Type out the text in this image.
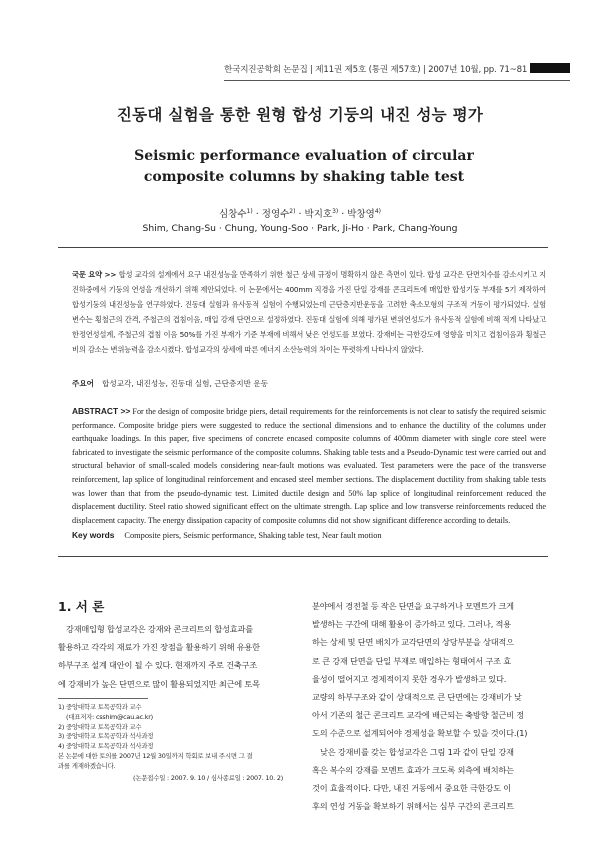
한국지진공학회 논문집 | 제11권 제5호 (통권 제57호) | 2007년 10월, pp. 71~81
진동대 실험을 통한 원형 합성 기둥의 내진 성능 평가
Seismic performance evaluation of circular composite columns by shaking table test
심창수$^{1)}$ · 정영수$^{2)}$ · 박지호$^{3)}$ · 박창영$^{4)}$
Shim, Chang-Su · Chung, Young-Soo · Park, Ji-Ho · Park, Chang-Young
국문 요약 >> 합성 교각의 설계에서 요구 내진성능을 만족하기 위한 철근 상세 규정이 명확하지 않은 측면이 있다. 합성 교각은 단면치수를 감소시키고 지진하중에서 기둥의 연성을 개선하기 위해 제안되었다. 이 논문에서는 400mm 직경을 가진 단일 강재를 콘크리트에 매입한 합성기둥 부재를 5기 제작하여 합성기둥의 내진성능을 연구하였다. 진동대 실험과 유사동적 실험이 수행되었는데 근단층지반운동을 고려한 축소모형의 구조적 거동이 평가되었다. 실험 변수는 횡철근의 간격, 주철근의 겹침이음, 매입 강재 단면으로 설정하였다. 진동대 실험에 의해 평가된 변위연성도가 유사동적 실험에 비해 적게 나타났고 한정연성설계, 주철근의 겹침 이음 50%를 가진 부재가 기준 부재에 비해서 낮은 연성도를 보였다. 강재비는 극한강도에 영향을 미치고 겹침이음과 횡철근 비의 감소는 변위능력을 감소시켰다. 합성교각의 상세에 따른 에너지 소산능력의 차이는 뚜렷하게 나타나지 않았다.
주요어 합성교각, 내진성능, 진동대 실험, 근단층지반 운동
ABSTRACT >> For the design of composite bridge piers, detail requirements for the reinforcements is not clear to satisfy the required seismic performance. Composite bridge piers were suggested to reduce the sectional dimensions and to enhance the ductility of the columns under earthquake loadings. In this paper, five specimens of concrete encased composite columns of 400mm diameter with single core steel were fabricated to investigate the seismic performance of the composite columns. Shaking table tests and a Pseudo-Dynamic test were carried out and structural behavior of small-scaled models considering near-fault motions was evaluated. Test parameters were the pace of the transverse reinforcement, lap splice of longitudinal reinforcement and encased steel member sections. The displacement ductility from shaking table tests was lower than that from the pseudo-dynamic test. Limited ductile design and 50% lap splice of longitudinal reinforcement reduced the displacement ductility. Steel ratio showed significant effect on the ultimate strength. Lap splice and low transverse reinforcements reduced the displacement capacity. The energy dissipation capacity of composite columns did not show significant difference according to details.
Key words Composite piers, Seismic performance, Shaking table test, Near fault motion
1. 서 론
강재매입형 합성교각은 강재와 콘크리트의 합성효과를
활용하고 각각의 재료가 가진 장점을 활용하기 위해 유용한
하부구조 설계 대안이 될 수 있다. 현재까지 주로 건축구조
에 강재비가 높은 단면으로 많이 활용되었지만 최근에 토목
1) 중앙대학교 토목공학과 교수
(대표저자: csshim@cau.ac.kr)
2) 중앙대학교 토목공학과 교수
3) 중앙대학교 토목공학과 석사과정
4) 중앙대학교 토목공학과 석사과정
본 논문에 대한 토의를 2007년 12월 30일까지 학회로 보내 주시면 그 결
과를 게재하겠습니다.
(논문접수일 : 2007. 9. 10 / 심사종료일 : 2007. 10. 2)
분야에서 경전철 등 작은 단면을 요구하거나 모멘트가 크게
발생하는 구간에 대해 활용이 증가하고 있다. 그러나, 적용
하는 상세 및 단면 배치가 교각단면의 상당부분을 상대적으
로 큰 강재 단면을 단일 부재로 매입하는 형태여서 구조 효
율성이 떨어지고 경제적이지 못한 경우가 발생하고 있다.
교량의 하부구조와 같이 상대적으로 큰 단면에는 강재비가 낮
아서 기존의 철근 콘크리트 교각에 배근되는 축방향 철근비 정
도의 수준으로 설계되어야 경제성을 확보할 수 있을 것이다.(1)
낮은 강재비를 갖는 합성교각은 그림 1과 같이 단일 강재
혹은 복수의 강재를 모멘트 효과가 크도록 외측에 배치하는
것이 효율적이다. 다만, 내진 거동에서 중요한 극한강도 이
후의 연성 거동을 확보하기 위해서는 심부 구간의 콘크리트
